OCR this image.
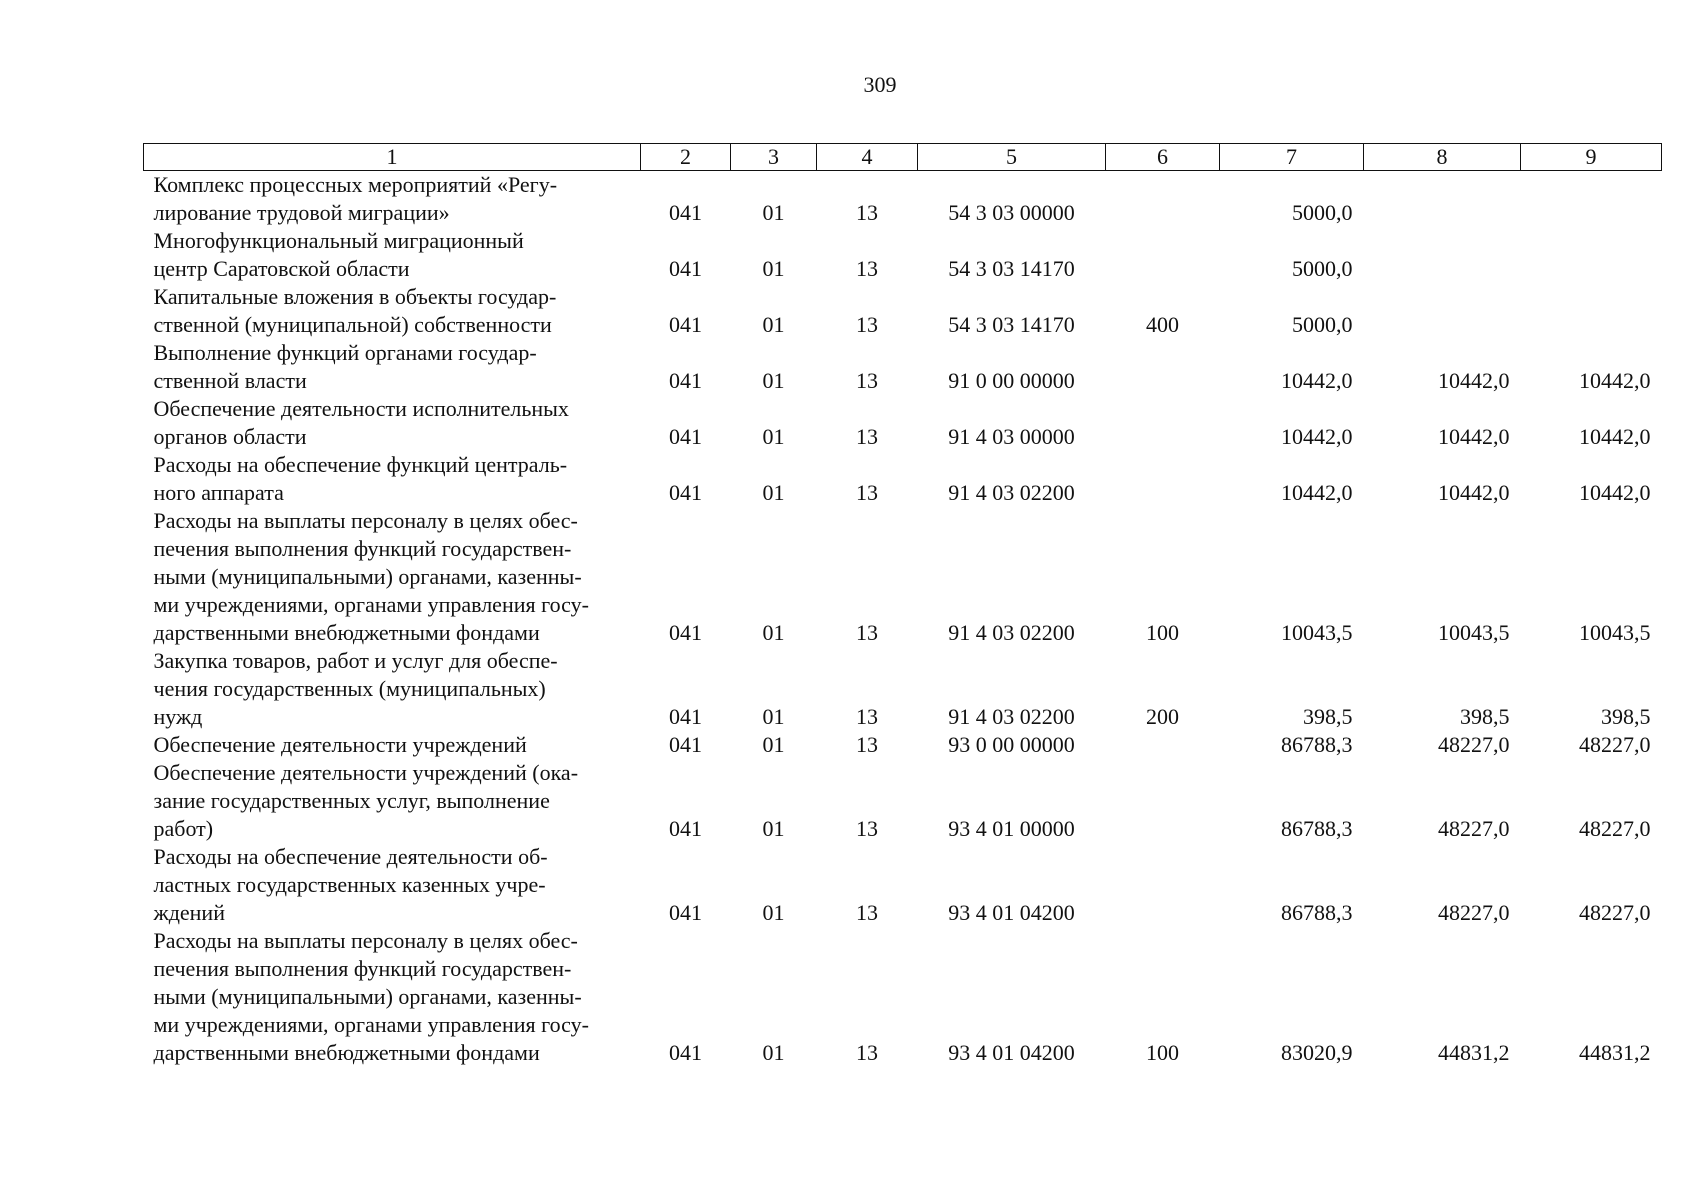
309
1	2	3	4	5	6	7	8	9
Комплекс процессных мероприятий «Регу-
лирование трудовой миграции»	041	01	13	54 3 03 00000		5000,0		
Многофункциональный миграционный
центр Саратовской области	041	01	13	54 3 03 14170		5000,0		
Капитальные вложения в объекты государ-
ственной (муниципальной) собственности	041	01	13	54 3 03 14170	400	5000,0		
Выполнение функций органами государ-
ственной власти	041	01	13	91 0 00 00000		10442,0	10442,0	10442,0
Обеспечение деятельности исполнительных
органов области	041	01	13	91 4 03 00000		10442,0	10442,0	10442,0
Расходы на обеспечение функций централь-
ного аппарата	041	01	13	91 4 03 02200		10442,0	10442,0	10442,0
Расходы на выплаты персоналу в целях обес-
печения выполнения функций государствен-
ными (муниципальными) органами, казенны-
ми учреждениями, органами управления госу-
дарственными внебюджетными фондами	041	01	13	91 4 03 02200	100	10043,5	10043,5	10043,5
Закупка товаров, работ и услуг для обеспе-
чения государственных (муниципальных)
нужд	041	01	13	91 4 03 02200	200	398,5	398,5	398,5
Обеспечение деятельности учреждений	041	01	13	93 0 00 00000		86788,3	48227,0	48227,0
Обеспечение деятельности учреждений (ока-
зание государственных услуг, выполнение
работ)	041	01	13	93 4 01 00000		86788,3	48227,0	48227,0
Расходы на обеспечение деятельности об-
ластных государственных казенных учре-
ждений	041	01	13	93 4 01 04200		86788,3	48227,0	48227,0
Расходы на выплаты персоналу в целях обес-
печения выполнения функций государствен-
ными (муниципальными) органами, казенны-
ми учреждениями, органами управления госу-
дарственными внебюджетными фондами	041	01	13	93 4 01 04200	100	83020,9	44831,2	44831,2
